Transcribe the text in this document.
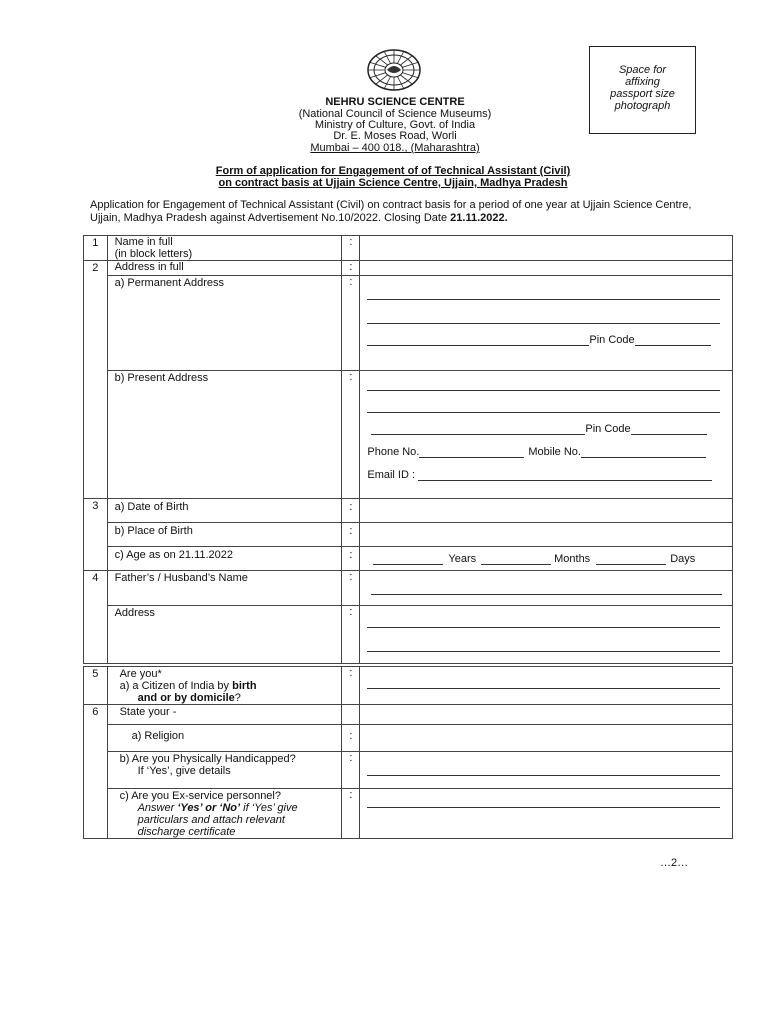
Space for
affixing
passport size
photograph
NEHRU SCIENCE CENTRE
(National Council of Science Museums)
Ministry of Culture, Govt. of India
Dr. E. Moses Road, Worli
Mumbai – 400 018., (Maharashtra)
Form of application for Engagement of of Technical Assistant (Civil)
on contract basis at Ujjain Science Centre, Ujjain, Madhya Pradesh
Application for Engagement of Technical Assistant (Civil) on contract basis for a period of one year at Ujjain Science Centre, Ujjain, Madhya Pradesh against Advertisement No.10/2022. Closing Date 21.11.2022.
1	Name in full
(in block letters)	:	
2	Address in full	:	
	a) Permanent Address	:	Pin Code

	b) Present Address	:	Pin Code
Phone No. Mobile No.
Email ID :

3	a) Date of Birth	:	
	b) Place of Birth	:	
	c) Age as on 21.11.2022	:	Years Months Days

4	Father’s / Husband’s Name	:	

	Address	:	

5	Are you*
a) a Citizen of India by birth
and or by domicile?	:	

6	State your -		
	a) Religion	:	

	b) Are you Physically Handicapped?
If ‘Yes’, give details	:	

	c) Are you Ex-service personnel?
Answer ‘Yes’ or ‘No’ if ‘Yes’ give
particulars and attach relevant
discharge certificate	:	
…2…
